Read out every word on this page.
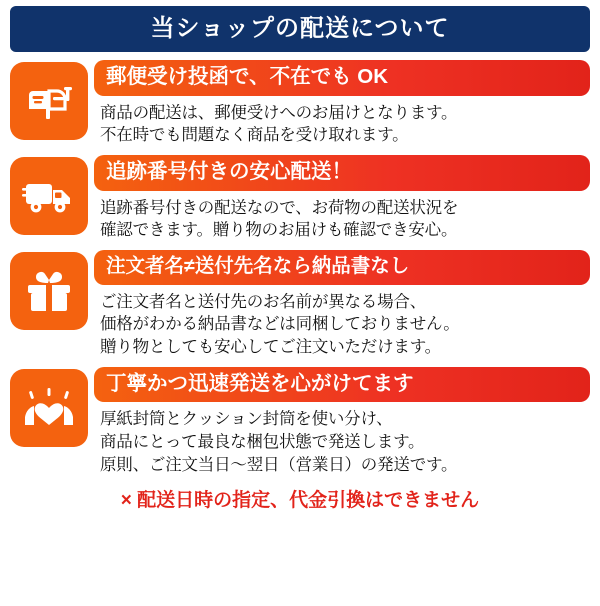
当ショップの配送について
郵便受け投函で、不在でも OK
商品の配送は、郵便受けへのお届けとなります。
不在時でも問題なく商品を受け取れます。
追跡番号付きの安心配送！
追跡番号付きの配送なので、お荷物の配送状況を
確認できます。贈り物のお届けも確認でき安心。
注文者名≠送付先名なら納品書なし
ご注文者名と送付先のお名前が異なる場合、
価格がわかる納品書などは同梱しておりません。
贈り物としても安心してご注文いただけます。
丁寧かつ迅速発送を心がけてます
厚紙封筒とクッション封筒を使い分け、
商品にとって最良な梱包状態で発送します。
原則、ご注文当日〜翌日（営業日）の発送です。
× 配送日時の指定、代金引換はできません
